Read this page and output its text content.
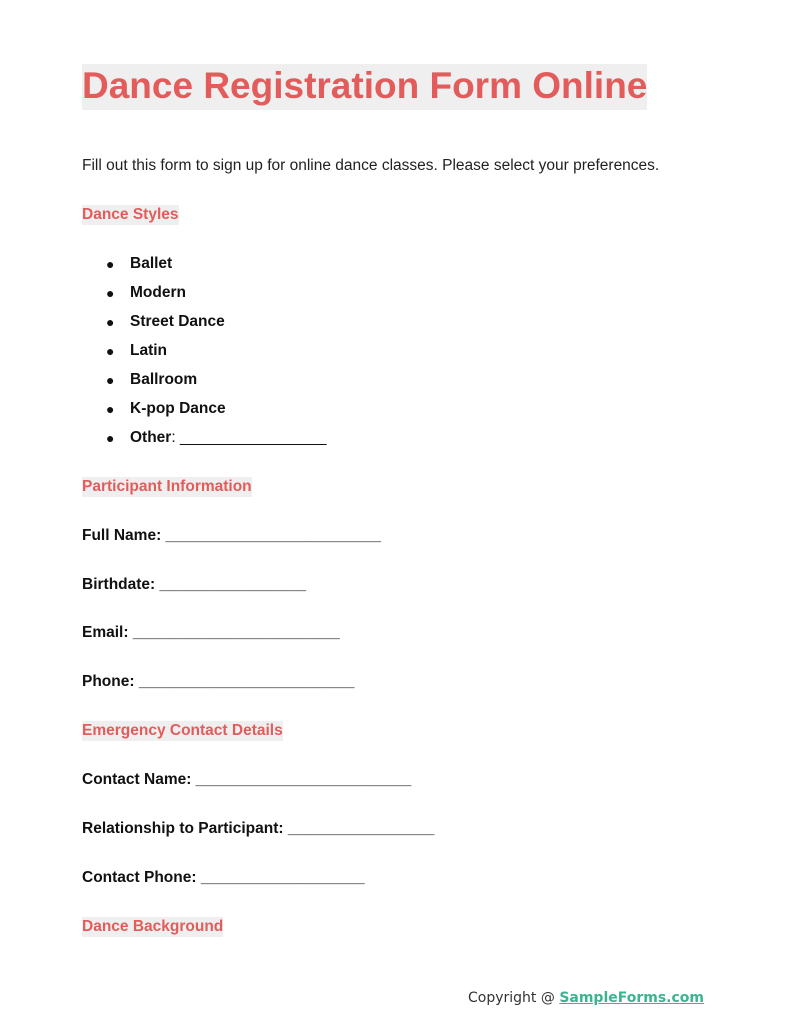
Dance Registration Form Online
Fill out this form to sign up for online dance classes. Please select your preferences.
Dance Styles
● Ballet
● Modern
● Street Dance
● Latin
● Ballroom
● K-pop Dance
● Other: _________________
Participant Information
Full Name: _________________________
Birthdate: _________________
Email: ________________________
Phone: _________________________
Emergency Contact Details
Contact Name: _________________________
Relationship to Participant: _________________
Contact Phone: ___________________
Dance Background
Copyright @ SampleForms.com
